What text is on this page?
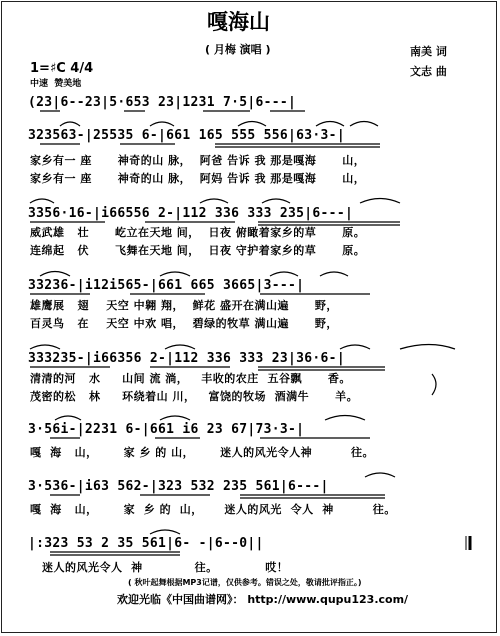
嘎海山
( 月梅 演唱 )	南美 词
文志 曲
1=♯C 4/4
中速  赞美地
(23|6--23|5·653 23|1231 7·5|6---|
323563-|25535 6-|661 165 555 556|63·3-|
3356·16-|i66556 2-|112 336 333 235|6---|
33236-|i12i565-|661 665 3665|3---|
333235-|i66356 2-|112 336 333 23|36·6-|
3·56i-|2231 6-|661 i6 23 67|73·3-|
3·536-|i63 562-|323 532 235 561|6---|
|:323 53 2 35 561|6- -|6--0||
家乡有一 座      神奇的山 脉，  阿爸 告诉 我 那是嘎海      山，
家乡有一 座      神奇的山 脉，  阿妈 告诉 我 那是嘎海      山，
威武雄   壮      屹立在天地 间，  日夜 俯瞰着家乡的草      原。
连绵起   伏      飞舞在天地 间，  日夜 守护着家乡的草      原。
雄鹰展   翅    天空 中翱 翔，  鲜花 盛开在满山遍      野，
百灵鸟   在    天空 中欢 唱，  碧绿的牧草 满山遍      野，
清清的河   水     山间 流 淌，   丰收的农庄  五谷飘      香。
茂密的松   林     环绕着山 川，   富饶的牧场  酒满牛      羊。
嘎  海   山，      家 乡 的 山，      迷人的风光令人神         往。
嘎  海   山，      家  乡 的  山，     迷人的风光  令人  神         往。
迷人的风光令人  神            往。           哎！
( 秋叶起舞根据MP3记谱，仅供参考。错误之处，敬请批评指正。)
欢迎光临《中国曲谱网》： http://www.qupu123.com/
